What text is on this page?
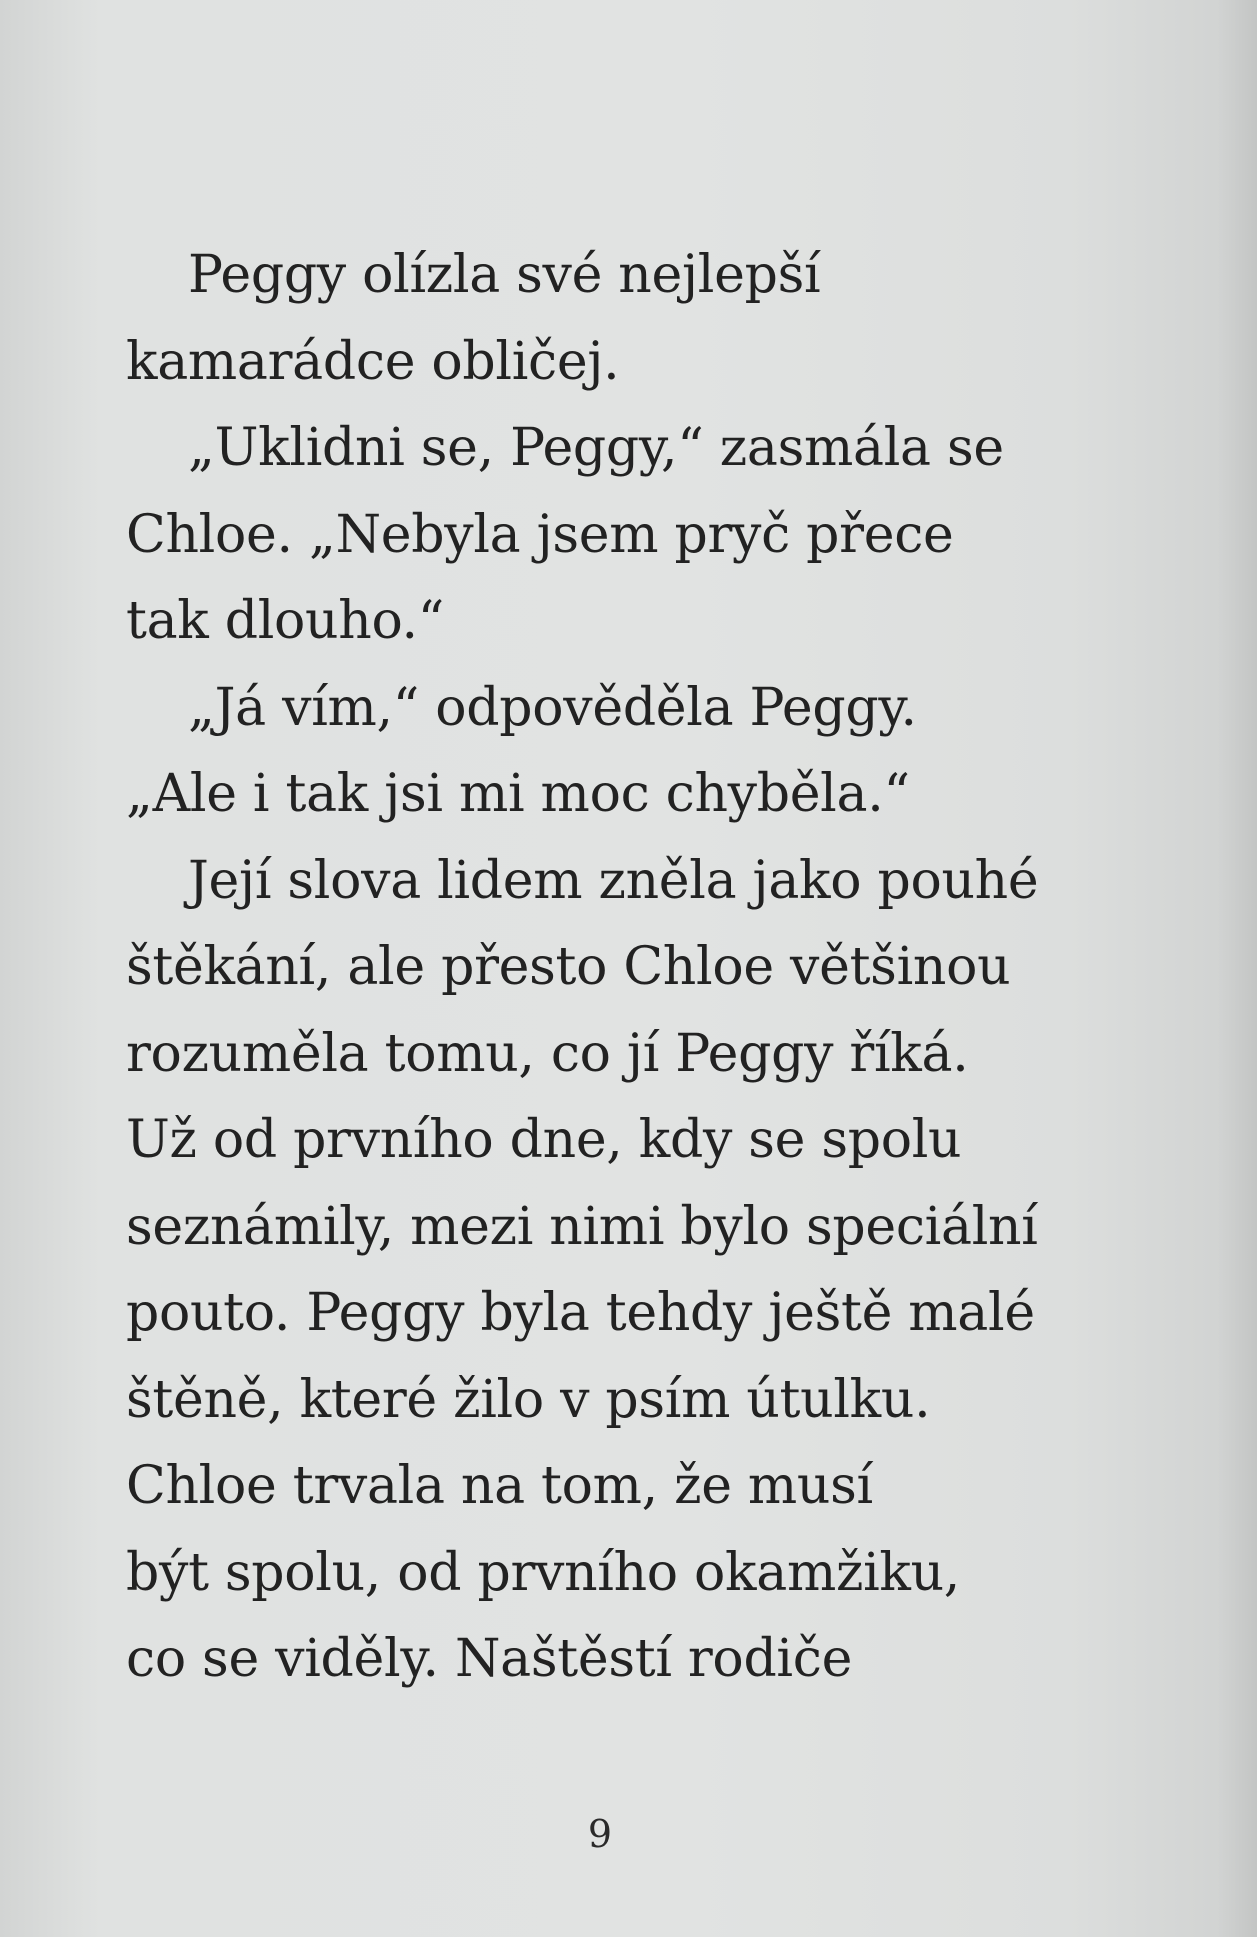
Peggy olízla své nejlepší
kamarádce obličej.
„Uklidni se, Peggy,“ zasmála se
Chloe. „Nebyla jsem pryč přece
tak dlouho.“
„Já vím,“ odpověděla Peggy.
„Ale i tak jsi mi moc chyběla.“
Její slova lidem zněla jako pouhé
štěkání, ale přesto Chloe většinou
rozuměla tomu, co jí Peggy říká.
Už od prvního dne, kdy se spolu
seznámily, mezi nimi bylo speciální
pouto. Peggy byla tehdy ještě malé
štěně, které žilo v psím útulku.
Chloe trvala na tom, že musí
být spolu, od prvního okamžiku,
co se viděly. Naštěstí rodiče
9
